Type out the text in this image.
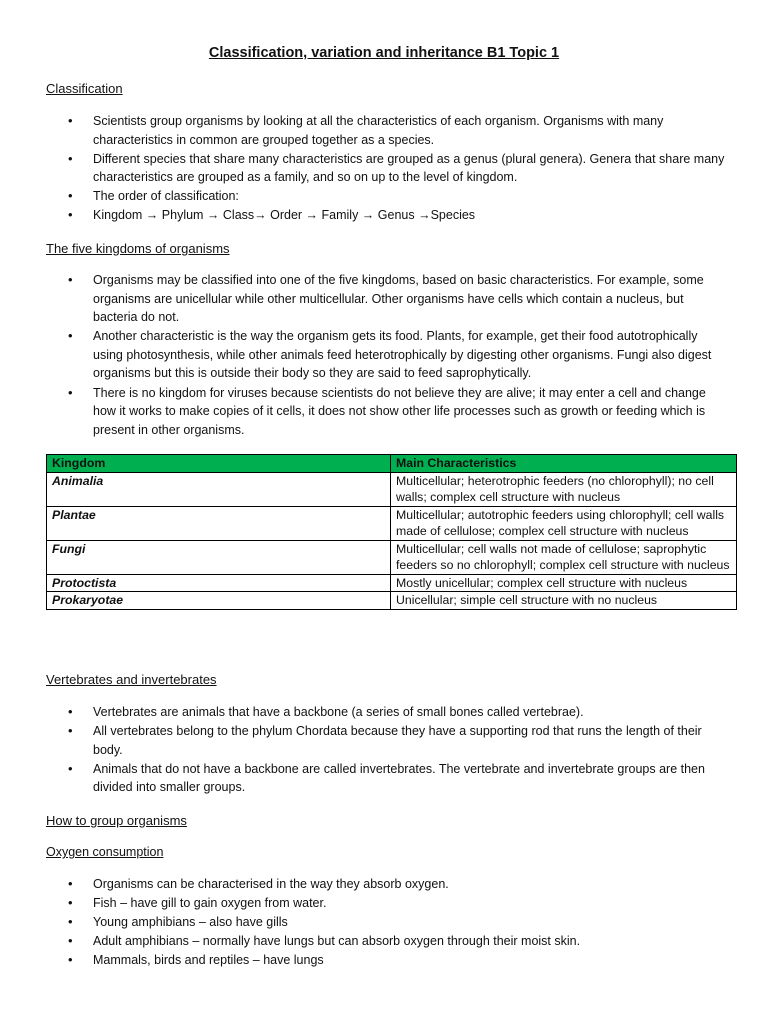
Classification, variation and inheritance B1 Topic 1
Classification
• Scientists group organisms by looking at all the characteristics of each organism. Organisms with many characteristics in common are grouped together as a species.
• Different species that share many characteristics are grouped as a genus (plural genera). Genera that share many characteristics are grouped as a family, and so on up to the level of kingdom.
• The order of classification:
• Kingdom → Phylum → Class→ Order → Family → Genus →Species
The five kingdoms of organisms
• Organisms may be classified into one of the five kingdoms, based on basic characteristics. For example, some organisms are unicellular while other multicellular. Other organisms have cells which contain a nucleus, but bacteria do not.
• Another characteristic is the way the organism gets its food. Plants, for example, get their food autotrophically using photosynthesis, while other animals feed heterotrophically by digesting other organisms. Fungi also digest organisms but this is outside their body so they are said to feed saprophytically.
• There is no kingdom for viruses because scientists do not believe they are alive; it may enter a cell and change how it works to make copies of it cells, it does not show other life processes such as growth or feeding which is present in other organisms.
Kingdom	Main Characteristics
Animalia	Multicellular; heterotrophic feeders (no chlorophyll); no cell walls; complex cell structure with nucleus
Plantae	Multicellular; autotrophic feeders using chlorophyll; cell walls made of cellulose; complex cell structure with nucleus
Fungi	Multicellular; cell walls not made of cellulose; saprophytic feeders so no chlorophyll; complex cell structure with nucleus
Protoctista	Mostly unicellular; complex cell structure with nucleus
Prokaryotae	Unicellular; simple cell structure with no nucleus
Vertebrates and invertebrates
• Vertebrates are animals that have a backbone (a series of small bones called vertebrae).
• All vertebrates belong to the phylum Chordata because they have a supporting rod that runs the length of their body.
• Animals that do not have a backbone are called invertebrates. The vertebrate and invertebrate groups are then divided into smaller groups.
How to group organisms
Oxygen consumption
• Organisms can be characterised in the way they absorb oxygen.
• Fish – have gill to gain oxygen from water.
• Young amphibians – also have gills
• Adult amphibians – normally have lungs but can absorb oxygen through their moist skin.
• Mammals, birds and reptiles – have lungs
